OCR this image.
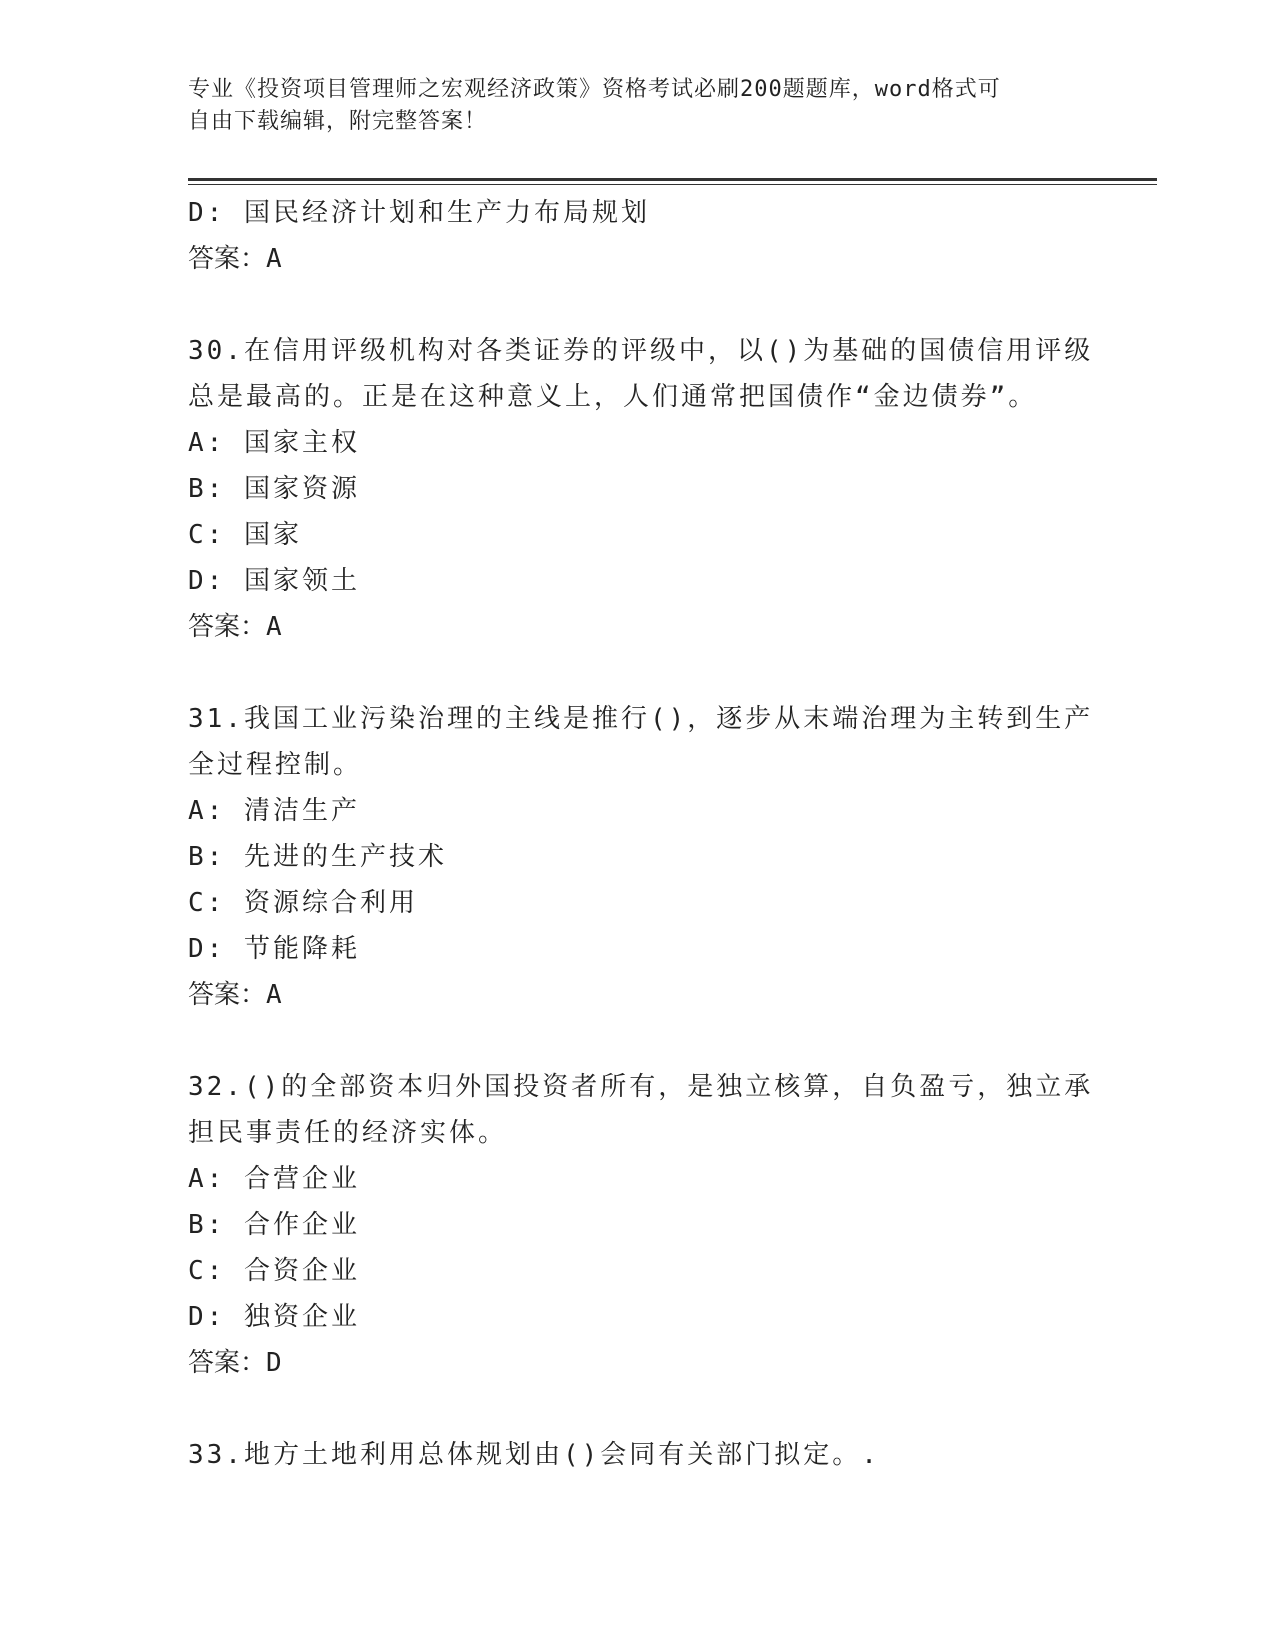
专业《投资项目管理师之宏观经济政策》资格考试必刷200题题库，word格式可
自由下载编辑，附完整答案！
D: 国民经济计划和生产力布局规划
答案：A
30.在信用评级机构对各类证券的评级中，以()为基础的国债信用评级
总是最高的。正是在这种意义上，人们通常把国债作“金边债券”。
A: 国家主权
B: 国家资源
C: 国家
D: 国家领土
答案：A
31.我国工业污染治理的主线是推行()，逐步从末端治理为主转到生产
全过程控制。
A: 清洁生产
B: 先进的生产技术
C: 资源综合利用
D: 节能降耗
答案：A
32.()的全部资本归外国投资者所有，是独立核算，自负盈亏，独立承
担民事责任的经济实体。
A: 合营企业
B: 合作企业
C: 合资企业
D: 独资企业
答案：D
33.地方土地利用总体规划由()会同有关部门拟定。.
